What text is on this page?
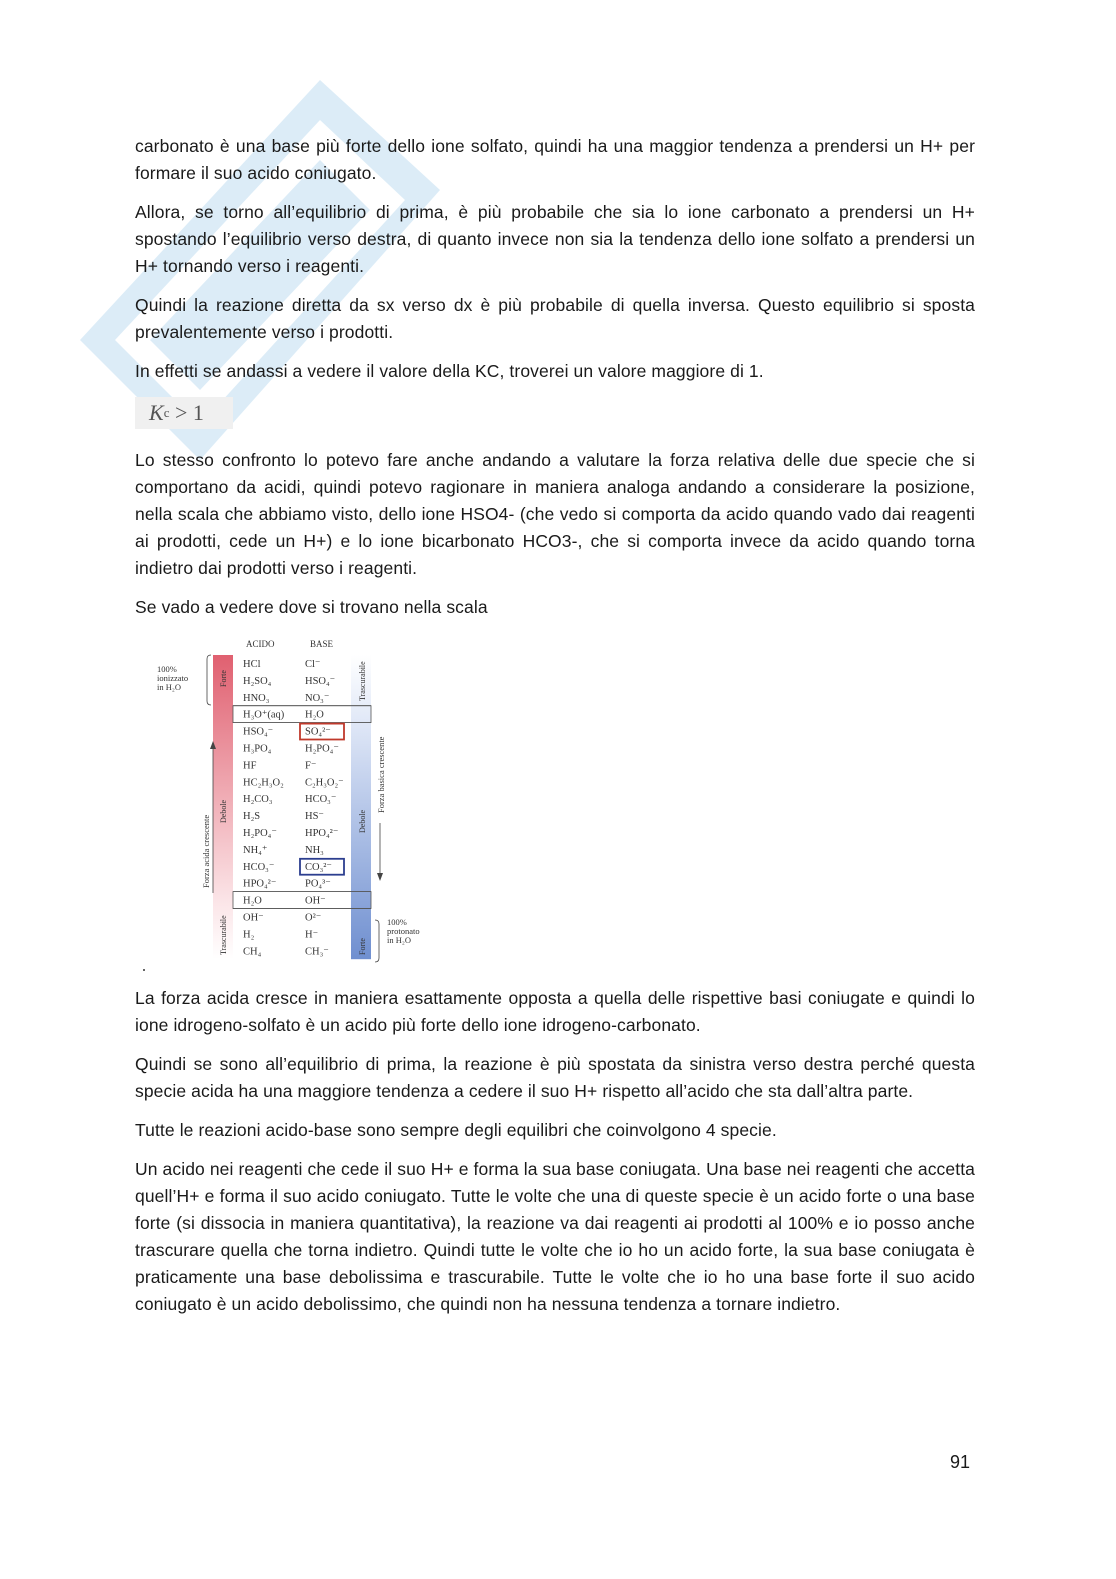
carbonato è una base più forte dello ione solfato, quindi ha una maggior tendenza a prendersi un H+ per formare il suo acido coniugato.

Allora, se torno all’equilibrio di prima, è più probabile che sia lo ione carbonato a prendersi un H+ spostando l’equilibrio verso destra, di quanto invece non sia la tendenza dello ione solfato a prendersi un H+ tornando verso i reagenti.

Quindi la reazione diretta da sx verso dx è più probabile di quella inversa. Questo equilibrio si sposta prevalentemente verso i prodotti.

In effetti se andassi a vedere il valore della KC, troverei un valore maggiore di 1.

K c
> 1

Lo stesso confronto lo potevo fare anche andando a valutare la forza relativa delle due specie che si comportano da acidi, quindi potevo ragionare in maniera analoga andando a considerare la posizione, nella scala che abbiamo visto, dello ione HSO4- (che vedo si comporta da acido quando vado dai reagenti ai prodotti, cede un H+) e lo ione bicarbonato HCO3-, che si comporta invece da acido quando torna indietro dai prodotti verso i reagenti.

Se vado a vedere dove si trovano nella scala

ACIDO	BASE
HCl	Cl⁻
H₂SO₄	HSO₄⁻
HNO₃	NO₃⁻
H₃O⁺(aq) H₂O
HSO₄⁻	SO₄²⁻
H₃PO₄	H₂PO₄⁻
HF	F⁻
HC₂H₃O₂ C₂H₃O₂⁻
H₂CO₃	HCO₃⁻
H₂S	HS⁻
H₂PO₄⁻	HPO₄²⁻
NH₄⁺	NH₃
HCO₃⁻	CO₃²⁻
HPO₄²⁻	PO₄³⁻
H₂O	OH⁻
OH⁻	O²⁻
H₂	H⁻
CH₄	CH₃⁻
100%
ionizzato
in H₂O	Forte
Debole
Trascurabile
Forza acida crescente
Trascurabile
Debole
Forte
Forza basica crescente
100%
protonato
in H₂O

La forza acida cresce in maniera esattamente opposta a quella delle rispettive basi coniugate e quindi lo ione idrogeno-solfato è un acido più forte dello ione idrogeno-carbonato.

Quindi se sono all’equilibrio di prima, la reazione è più spostata da sinistra verso destra perché questa specie acida ha una maggiore tendenza a cedere il suo H+ rispetto all’acido che sta dall’altra parte.

Tutte le reazioni acido-base sono sempre degli equilibri che coinvolgono 4 specie.

Un acido nei reagenti che cede il suo H+ e forma la sua base coniugata. Una base nei reagenti che accetta quell’H+ e forma il suo acido coniugato. Tutte le volte che una di queste specie è un acido forte o una base forte (si dissocia in maniera quantitativa), la reazione va dai reagenti ai prodotti al 100% e io posso anche trascurare quella che torna indietro. Quindi tutte le volte che io ho un acido forte, la sua base coniugata è praticamente una base debolissima e trascurabile. Tutte le volte che io ho una base forte il suo acido coniugato è un acido debolissimo, che quindi non ha nessuna tendenza a tornare indietro.

91
